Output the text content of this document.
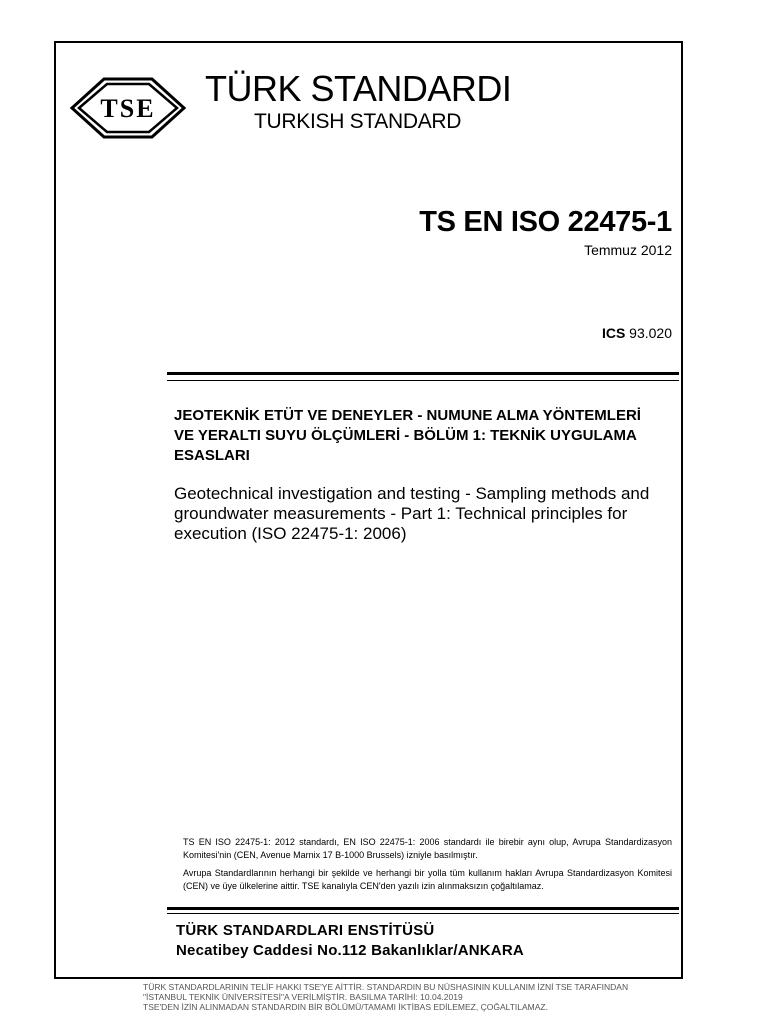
TSE TÜRK STANDARDI
TURKISH STANDARD
TS EN ISO 22475-1
Temmuz 2012
ICS 93.020
JEOTEKNİK ETÜT VE DENEYLER - NUMUNE ALMA YÖNTEMLERİ VE YERALTI SUYU ÖLÇÜMLERİ - BÖLÜM 1: TEKNİK UYGULAMA ESASLARI
Geotechnical investigation and testing - Sampling methods and groundwater measurements - Part 1: Technical principles for execution (ISO 22475-1: 2006)
TS EN ISO 22475-1: 2012 standardı, EN ISO 22475-1: 2006 standardı ile birebir aynı olup, Avrupa Standardizasyon Komitesi'nin (CEN, Avenue Marnix 17 B-1000 Brussels) izniyle basılmıştır.
Avrupa Standardlarının herhangi bir şekilde ve herhangi bir yolla tüm kullanım hakları Avrupa Standardizasyon Komitesi (CEN) ve üye ülkelerine aittir. TSE kanalıyla CEN'den yazılı izin alınmaksızın çoğaltılamaz.
TÜRK STANDARDLARI ENSTİTÜSÜ
Necatibey Caddesi No.112 Bakanlıklar/ANKARA
TÜRK STANDARDLARININ TELİF HAKKI TSE'YE AİTTİR. STANDARDIN BU NÜSHASININ KULLANIM İZNİ TSE TARAFINDAN
"İSTANBUL TEKNİK ÜNİVERSİTESİ"A VERİLMİŞTİR. BASILMA TARİHİ: 10.04.2019
TSE'DEN İZİN ALINMADAN STANDARDIN BİR BÖLÜMÜ/TAMAMI İKTİBAS EDİLEMEZ, ÇOĞALTILAMAZ.
